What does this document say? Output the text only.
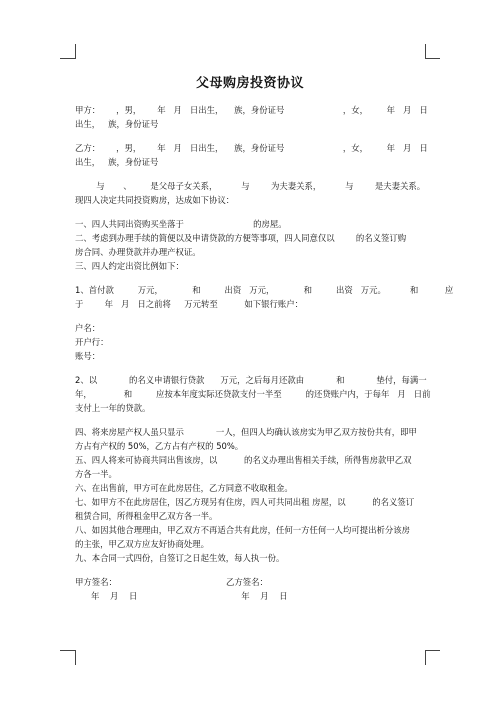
父母购房投资协议
甲方：      ，男，      年   月   日出生，    族，身份证号                      ，女，       年   月   日
出生，   族，身份证号
乙方：      ，男，      年   月   日出生，    族，身份证号                      ，女，       年   月   日
出生，   族，身份证号
与       、       是父母子女关系，         与        为夫妻关系，         与        是夫妻关系。
现四人决定共同投资购房，达成如下协议：
一、四人共同出资购买坐落于                          的房屋。
二、考虑到办理手续的简便以及申请贷款的方便等事项，四人同意仅以        的名义签订购
房合同、办理贷款并办理产权证。
三、四人约定出资比例如下：
1、首付款         万元，           和         出资   万元，           和         出资   万元。         和          应
于        年   月   日之前将     万元转至          如下银行账户：
户名：
开户行：
账号：
2、以            的名义申请银行贷款      万元，之后每月还款由            和            垫付，每满一
年，            和         应按本年度实际还贷款支付一半至         的还贷账户内，于每年   月   日前
支付上一年的贷款。
四、将来房屋产权人虽只显示            一人，但四人均确认该房实为甲乙双方按份共有，即甲
方占有产权的 50%，乙方占有产权的 50%。
五、四人将来可协商共同出售该房，以          的名义办理出售相关手续，所得售房款甲乙双
方各一半。
六、在出售前，甲方可在此房居住，乙方同意不收取租金。
七、如甲方不在此房居住，因乙方现另有住房，四人可共同出租 房屋，以          的名义签订
租赁合同，所得租金甲乙双方各一半。
八、如因其他合理理由，甲乙双方不再适合共有此房，任何一方任何一人均可提出析分该房
的主张，甲乙双方应友好协商处理。
九、本合同一式四份，自签订之日起生效，每人执一份。
甲方签名：                                         乙方签名：
年    月    日                                       年    月    日
